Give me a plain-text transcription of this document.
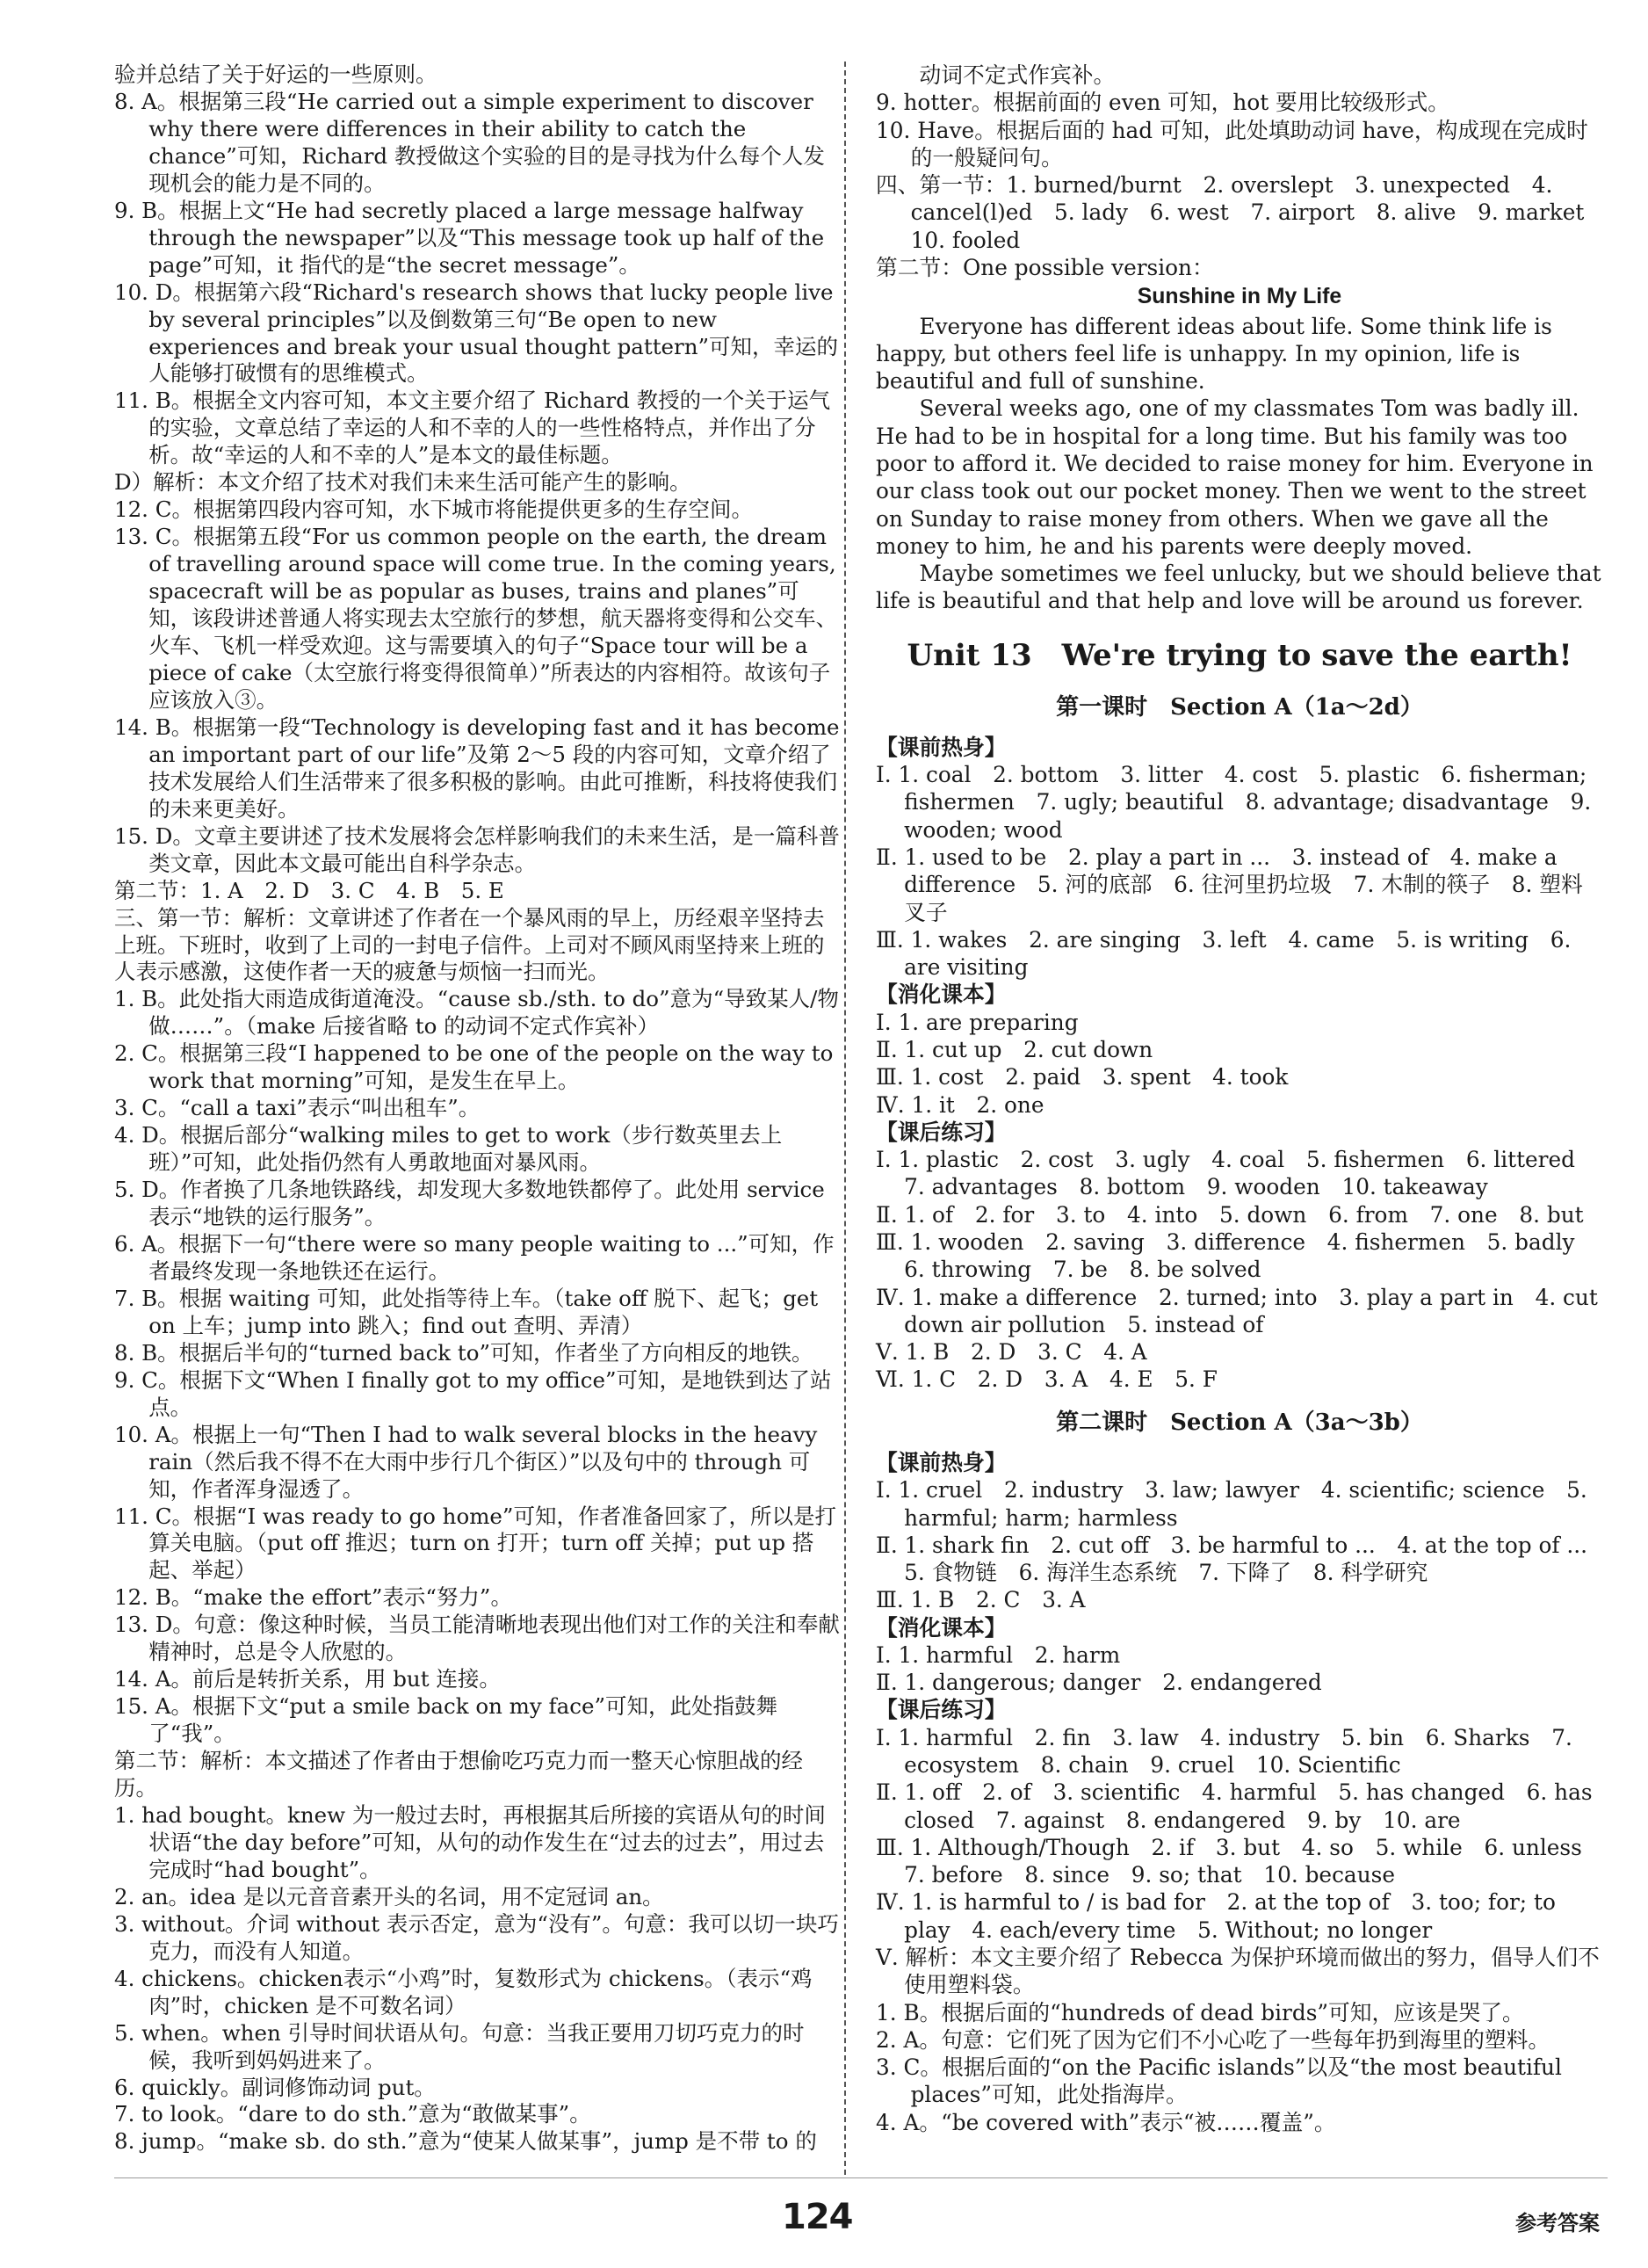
验并总结了关于好运的一些原则。
8. A。根据第三段“He carried out a simple experiment to discover why there were differences in their ability to catch the chance”可知，Richard 教授做这个实验的目的是寻找为什么每个人发现机会的能力是不同的。
9. B。根据上文“He had secretly placed a large message halfway through the newspaper”以及“This message took up half of the page”可知，it 指代的是“the secret message”。
10. D。根据第六段“Richard's research shows that lucky people live by several principles”以及倒数第三句“Be open to new experiences and break your usual thought pattern”可知，幸运的人能够打破惯有的思维模式。
11. B。根据全文内容可知，本文主要介绍了 Richard 教授的一个关于运气的实验，文章总结了幸运的人和不幸的人的一些性格特点，并作出了分析。故“幸运的人和不幸的人”是本文的最佳标题。
D）解析：本文介绍了技术对我们未来生活可能产生的影响。
12. C。根据第四段内容可知，水下城市将能提供更多的生存空间。
13. C。根据第五段“For us common people on the earth, the dream of travelling around space will come true. In the coming years, spacecraft will be as popular as buses, trains and planes”可知，该段讲述普通人将实现去太空旅行的梦想，航天器将变得和公交车、火车、飞机一样受欢迎。这与需要填入的句子“Space tour will be a piece of cake（太空旅行将变得很简单）”所表达的内容相符。故该句子应该放入③。
14. B。根据第一段“Technology is developing fast and it has become an important part of our life”及第 2～5 段的内容可知，文章介绍了技术发展给人们生活带来了很多积极的影响。由此可推断，科技将使我们的未来更美好。
15. D。文章主要讲述了技术发展将会怎样影响我们的未来生活，是一篇科普类文章，因此本文最可能出自科学杂志。
第二节：1. A　2. D　3. C　4. B　5. E
三、第一节：解析：文章讲述了作者在一个暴风雨的早上，历经艰辛坚持去上班。下班时，收到了上司的一封电子信件。上司对不顾风雨坚持来上班的人表示感激，这使作者一天的疲惫与烦恼一扫而光。
1. B。此处指大雨造成街道淹没。“cause sb./sth. to do”意为“导致某人/物做……”。（make 后接省略 to 的动词不定式作宾补）
2. C。根据第三段“I happened to be one of the people on the way to work that morning”可知，是发生在早上。
3. C。“call a taxi”表示“叫出租车”。
4. D。根据后部分“walking miles to get to work（步行数英里去上班）”可知，此处指仍然有人勇敢地面对暴风雨。
5. D。作者换了几条地铁路线，却发现大多数地铁都停了。此处用 service 表示“地铁的运行服务”。
6. A。根据下一句“there were so many people waiting to ...”可知，作者最终发现一条地铁还在运行。
7. B。根据 waiting 可知，此处指等待上车。（take off 脱下、起飞；get on 上车；jump into 跳入；find out 查明、弄清）
8. B。根据后半句的“turned back to”可知，作者坐了方向相反的地铁。
9. C。根据下文“When I finally got to my office”可知，是地铁到达了站点。
10. A。根据上一句“Then I had to walk several blocks in the heavy rain（然后我不得不在大雨中步行几个街区）”以及句中的 through 可知，作者浑身湿透了。
11. C。根据“I was ready to go home”可知，作者准备回家了，所以是打算关电脑。（put off 推迟；turn on 打开；turn off 关掉；put up 搭起、举起）
12. B。“make the effort”表示“努力”。
13. D。句意：像这种时候，当员工能清晰地表现出他们对工作的关注和奉献精神时，总是令人欣慰的。
14. A。前后是转折关系，用 but 连接。
15. A。根据下文“put a smile back on my face”可知，此处指鼓舞了“我”。
第二节：解析：本文描述了作者由于想偷吃巧克力而一整天心惊胆战的经历。
1. had bought。knew 为一般过去时，再根据其后所接的宾语从句的时间状语“the day before”可知，从句的动作发生在“过去的过去”，用过去完成时“had bought”。
2. an。idea 是以元音音素开头的名词，用不定冠词 an。
3. without。介词 without 表示否定，意为“没有”。句意：我可以切一块巧克力，而没有人知道。
4. chickens。chicken表示“小鸡”时，复数形式为 chickens。（表示“鸡肉”时，chicken 是不可数名词）
5. when。when 引导时间状语从句。句意：当我正要用刀切巧克力的时候，我听到妈妈进来了。
6. quickly。副词修饰动词 put。
7. to look。“dare to do sth.”意为“敢做某事”。
8. jump。“make sb. do sth.”意为“使某人做某事”，jump 是不带 to 的
　　动词不定式作宾补。
9. hotter。根据前面的 even 可知，hot 要用比较级形式。
10. Have。根据后面的 had 可知，此处填助动词 have，构成现在完成时的一般疑问句。
四、第一节：1. burned/burnt　2. overslept　3. unexpected　4. cancel(l)ed　5. lady　6. west　7. airport　8. alive　9. market　10. fooled
第二节：One possible version：
Sunshine in My Life
Everyone has different ideas about life. Some think life is happy, but others feel life is unhappy. In my opinion, life is beautiful and full of sunshine.
Several weeks ago, one of my classmates Tom was badly ill. He had to be in hospital for a long time. But his family was too poor to afford it. We decided to raise money for him. Everyone in our class took out our pocket money. Then we went to the street on Sunday to raise money from others. When we gave all the money to him, he and his parents were deeply moved.
Maybe sometimes we feel unlucky, but we should believe that life is beautiful and that help and love will be around us forever.
Unit 13　We're trying to save the earth!
第一课时　Section A（1a～2d）
【课前热身】
Ⅰ. 1. coal　2. bottom　3. litter　4. cost　5. plastic　6. fisherman; fishermen　7. ugly; beautiful　8. advantage; disadvantage　9. wooden; wood
Ⅱ. 1. used to be　2. play a part in ...　3. instead of　4. make a difference　5. 河的底部　6. 往河里扔垃圾　7. 木制的筷子　8. 塑料叉子
Ⅲ. 1. wakes　2. are singing　3. left　4. came　5. is writing　6. are visiting
【消化课本】
Ⅰ. 1. are preparing
Ⅱ. 1. cut up　2. cut down
Ⅲ. 1. cost　2. paid　3. spent　4. took
Ⅳ. 1. it　2. one
【课后练习】
Ⅰ. 1. plastic　2. cost　3. ugly　4. coal　5. fishermen　6. littered　7. advantages　8. bottom　9. wooden　10. takeaway
Ⅱ. 1. of　2. for　3. to　4. into　5. down　6. from　7. one　8. but
Ⅲ. 1. wooden　2. saving　3. difference　4. fishermen　5. badly　6. throwing　7. be　8. be solved
Ⅳ. 1. make a difference　2. turned; into　3. play a part in　4. cut down air pollution　5. instead of
Ⅴ. 1. B　2. D　3. C　4. A
Ⅵ. 1. C　2. D　3. A　4. E　5. F
第二课时　Section A（3a～3b）
【课前热身】
Ⅰ. 1. cruel　2. industry　3. law; lawyer　4. scientific; science　5. harmful; harm; harmless
Ⅱ. 1. shark fin　2. cut off　3. be harmful to ...　4. at the top of ...　5. 食物链　6. 海洋生态系统　7. 下降了　8. 科学研究
Ⅲ. 1. B　2. C　3. A
【消化课本】
Ⅰ. 1. harmful　2. harm
Ⅱ. 1. dangerous; danger　2. endangered
【课后练习】
Ⅰ. 1. harmful　2. fin　3. law　4. industry　5. bin　6. Sharks　7. ecosystem　8. chain　9. cruel　10. Scientific
Ⅱ. 1. off　2. of　3. scientific　4. harmful　5. has changed　6. has closed　7. against　8. endangered　9. by　10. are
Ⅲ. 1. Although/Though　2. if　3. but　4. so　5. while　6. unless　7. before　8. since　9. so; that　10. because
Ⅳ. 1. is harmful to / is bad for　2. at the top of　3. too; for; to play　4. each/every time　5. Without; no longer
Ⅴ. 解析：本文主要介绍了 Rebecca 为保护环境而做出的努力，倡导人们不使用塑料袋。
1. B。根据后面的“hundreds of dead birds”可知，应该是哭了。
2. A。句意：它们死了因为它们不小心吃了一些每年扔到海里的塑料。
3. C。根据后面的“on the Pacific islands”以及“the most beautiful places”可知，此处指海岸。
4. A。“be covered with”表示“被……覆盖”。
124	参考答案
